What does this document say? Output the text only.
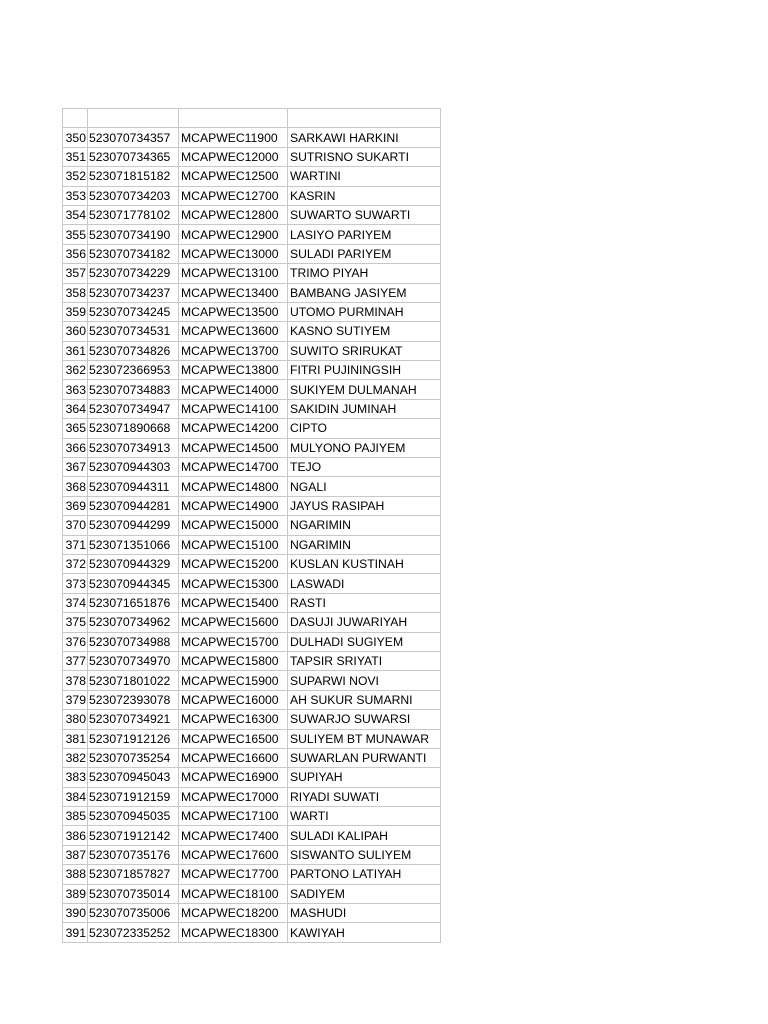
350	523070734357	MCAPWEC11900	SARKAWI HARKINI
351	523070734365	MCAPWEC12000	SUTRISNO SUKARTI
352	523071815182	MCAPWEC12500	WARTINI
353	523070734203	MCAPWEC12700	KASRIN
354	523071778102	MCAPWEC12800	SUWARTO SUWARTI
355	523070734190	MCAPWEC12900	LASIYO PARIYEM
356	523070734182	MCAPWEC13000	SULADI PARIYEM
357	523070734229	MCAPWEC13100	TRIMO PIYAH
358	523070734237	MCAPWEC13400	BAMBANG JASIYEM
359	523070734245	MCAPWEC13500	UTOMO PURMINAH
360	523070734531	MCAPWEC13600	KASNO SUTIYEM
361	523070734826	MCAPWEC13700	SUWITO SRIRUKAT
362	523072366953	MCAPWEC13800	FITRI PUJININGSIH
363	523070734883	MCAPWEC14000	SUKIYEM DULMANAH
364	523070734947	MCAPWEC14100	SAKIDIN JUMINAH
365	523071890668	MCAPWEC14200	CIPTO
366	523070734913	MCAPWEC14500	MULYONO PAJIYEM
367	523070944303	MCAPWEC14700	TEJO
368	523070944311	MCAPWEC14800	NGALI
369	523070944281	MCAPWEC14900	JAYUS RASIPAH
370	523070944299	MCAPWEC15000	NGARIMIN
371	523071351066	MCAPWEC15100	NGARIMIN
372	523070944329	MCAPWEC15200	KUSLAN KUSTINAH
373	523070944345	MCAPWEC15300	LASWADI
374	523071651876	MCAPWEC15400	RASTI
375	523070734962	MCAPWEC15600	DASUJI JUWARIYAH
376	523070734988	MCAPWEC15700	DULHADI SUGIYEM
377	523070734970	MCAPWEC15800	TAPSIR SRIYATI
378	523071801022	MCAPWEC15900	SUPARWI NOVI
379	523072393078	MCAPWEC16000	AH SUKUR SUMARNI
380	523070734921	MCAPWEC16300	SUWARJO SUWARSI
381	523071912126	MCAPWEC16500	SULIYEM BT MUNAWAR
382	523070735254	MCAPWEC16600	SUWARLAN PURWANTI
383	523070945043	MCAPWEC16900	SUPIYAH
384	523071912159	MCAPWEC17000	RIYADI SUWATI
385	523070945035	MCAPWEC17100	WARTI
386	523071912142	MCAPWEC17400	SULADI KALIPAH
387	523070735176	MCAPWEC17600	SISWANTO SULIYEM
388	523071857827	MCAPWEC17700	PARTONO LATIYAH
389	523070735014	MCAPWEC18100	SADIYEM
390	523070735006	MCAPWEC18200	MASHUDI
391	523072335252	MCAPWEC18300	KAWIYAH
